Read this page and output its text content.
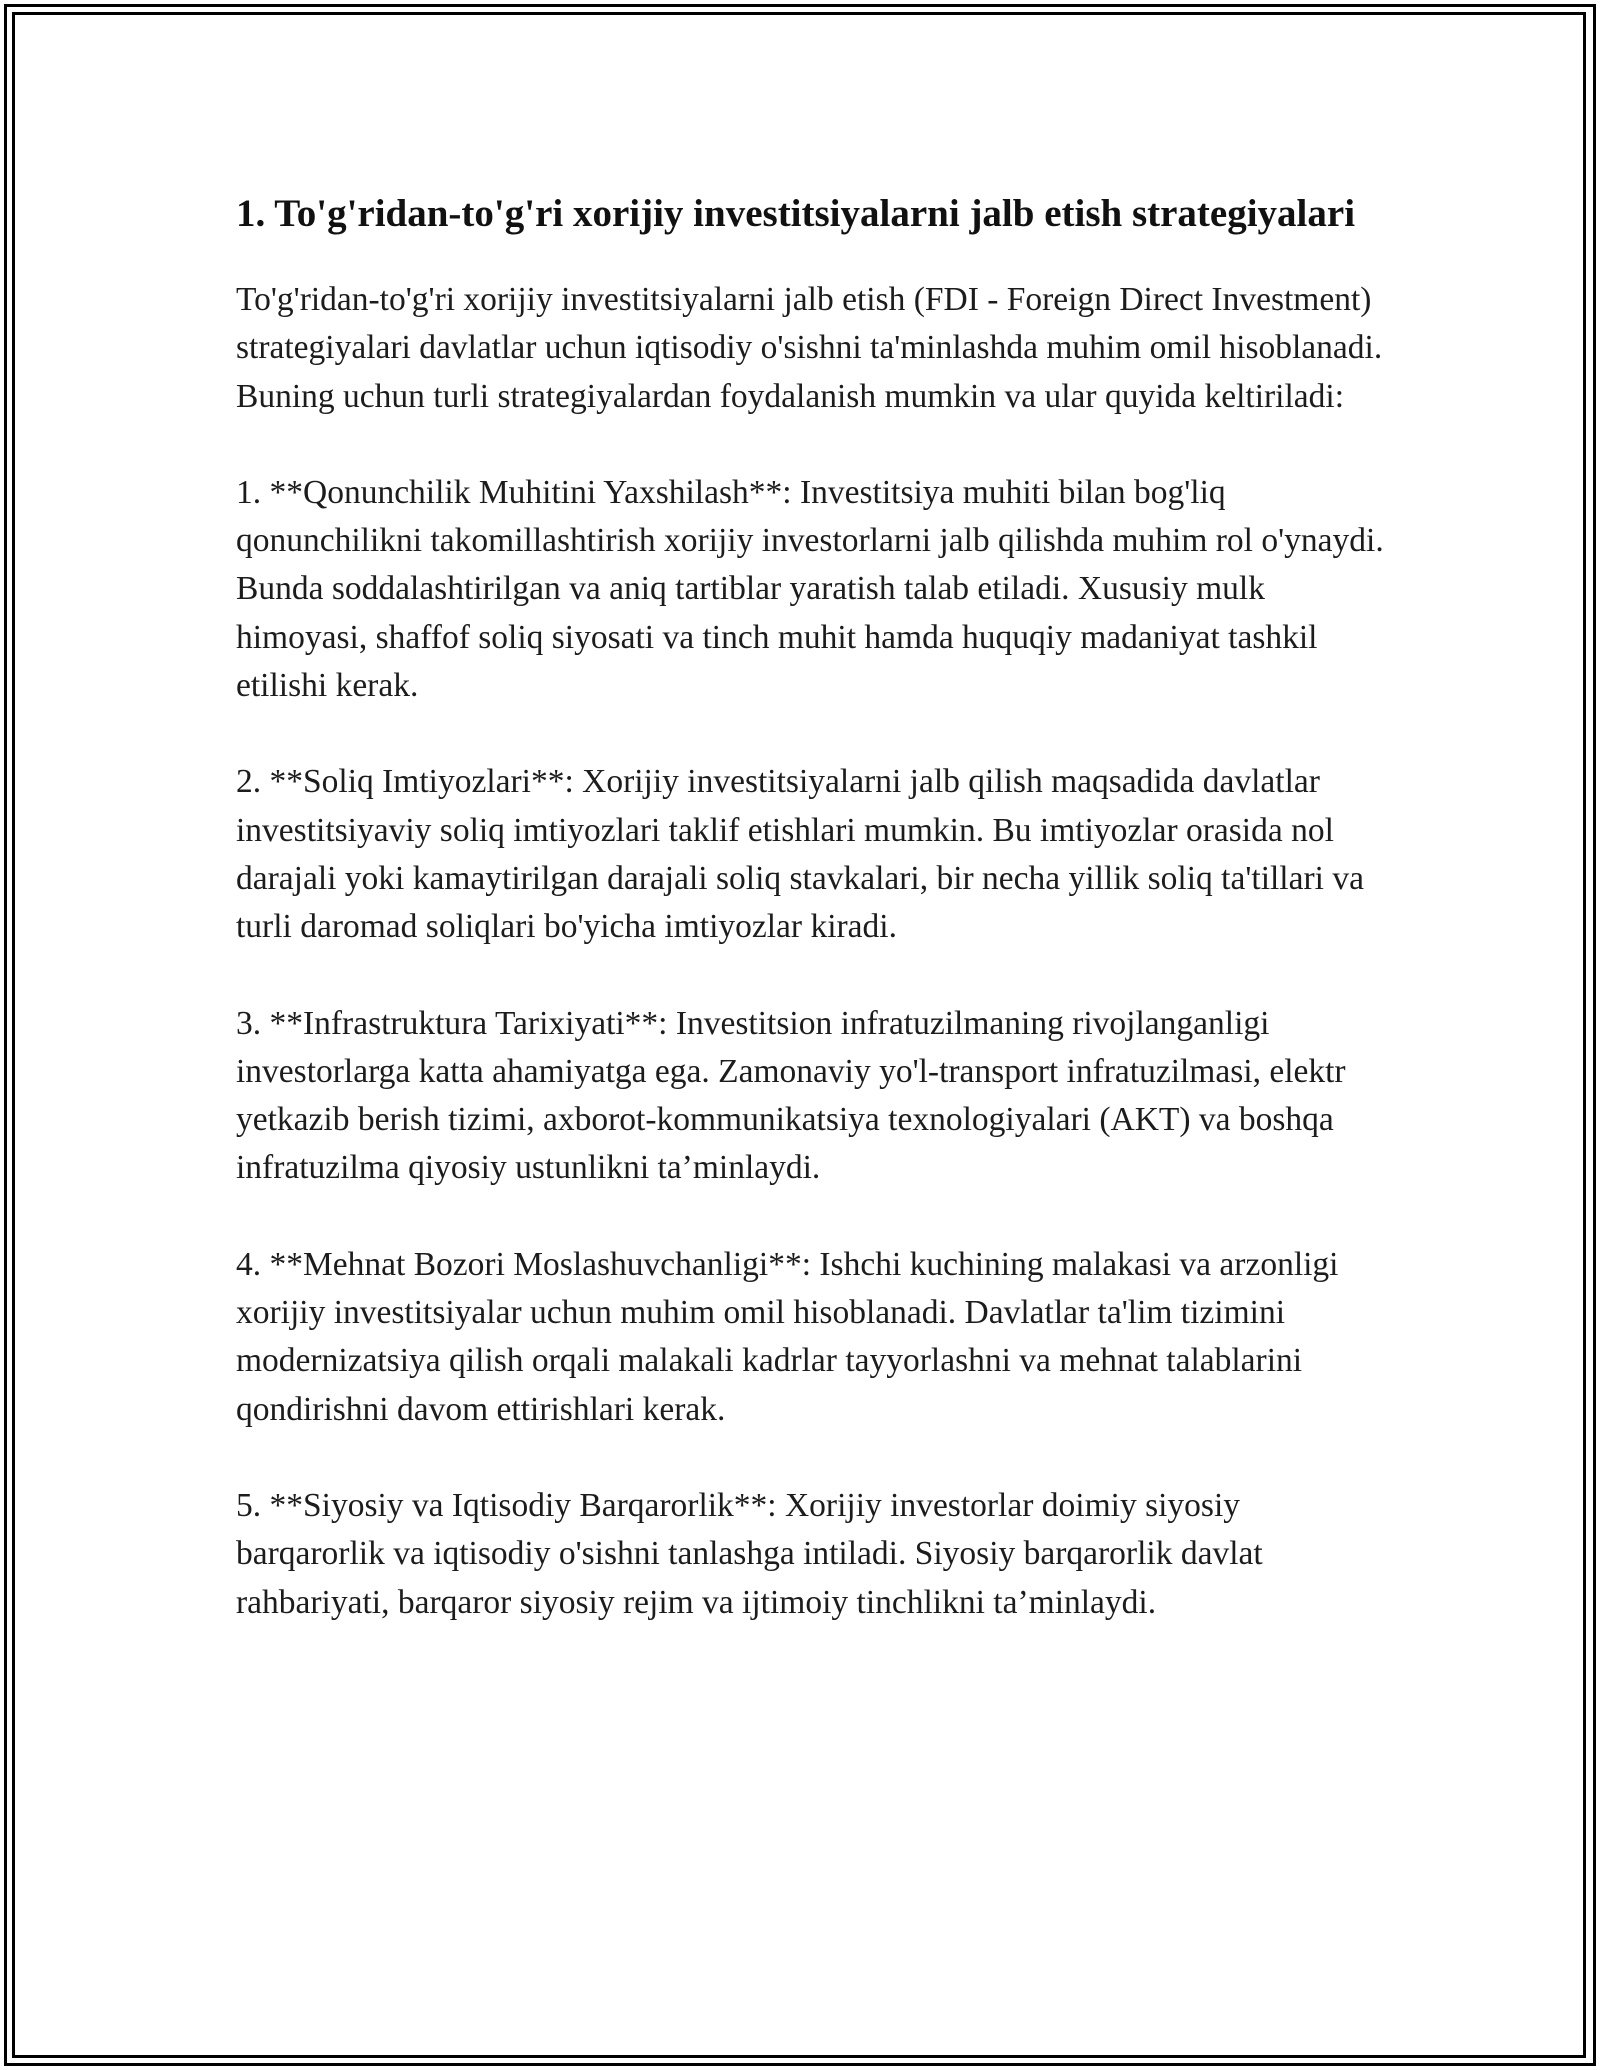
1. To'g'ridan-to'g'ri xorijiy investitsiyalarni jalb etish strategiyalari

To'g'ridan-to'g'ri xorijiy investitsiyalarni jalb etish (FDI - Foreign Direct Investment) strategiyalari davlatlar uchun iqtisodiy o'sishni ta'minlashda muhim omil hisoblanadi. Buning uchun turli strategiyalardan foydalanish mumkin va ular quyida keltiriladi:

1. **Qonunchilik Muhitini Yaxshilash**: Investitsiya muhiti bilan bog'liq qonunchilikni takomillashtirish xorijiy investorlarni jalb qilishda muhim rol o'ynaydi. Bunda soddalashtirilgan va aniq tartiblar yaratish talab etiladi. Xususiy mulk himoyasi, shaffof soliq siyosati va tinch muhit hamda huquqiy madaniyat tashkil etilishi kerak.

2. **Soliq Imtiyozlari**: Xorijiy investitsiyalarni jalb qilish maqsadida davlatlar investitsiyaviy soliq imtiyozlari taklif etishlari mumkin. Bu imtiyozlar orasida nol darajali yoki kamaytirilgan darajali soliq stavkalari, bir necha yillik soliq ta'tillari va turli daromad soliqlari bo'yicha imtiyozlar kiradi.

3. **Infrastruktura Tarixiyati**: Investitsion infratuzilmaning rivojlanganligi investorlarga katta ahamiyatga ega. Zamonaviy yo'l-transport infratuzilmasi, elektr yetkazib berish tizimi, axborot-kommunikatsiya texnologiyalari (AKT) va boshqa infratuzilma qiyosiy ustunlikni ta’minlaydi.

4. **Mehnat Bozori Moslashuvchanligi**: Ishchi kuchining malakasi va arzonligi xorijiy investitsiyalar uchun muhim omil hisoblanadi. Davlatlar ta'lim tizimini modernizatsiya qilish orqali malakali kadrlar tayyorlashni va mehnat talablarini qondirishni davom ettirishlari kerak.

5. **Siyosiy va Iqtisodiy Barqarorlik**: Xorijiy investorlar doimiy siyosiy barqarorlik va iqtisodiy o'sishni tanlashga intiladi. Siyosiy barqarorlik davlat rahbariyati, barqaror siyosiy rejim va ijtimoiy tinchlikni ta’minlaydi.
